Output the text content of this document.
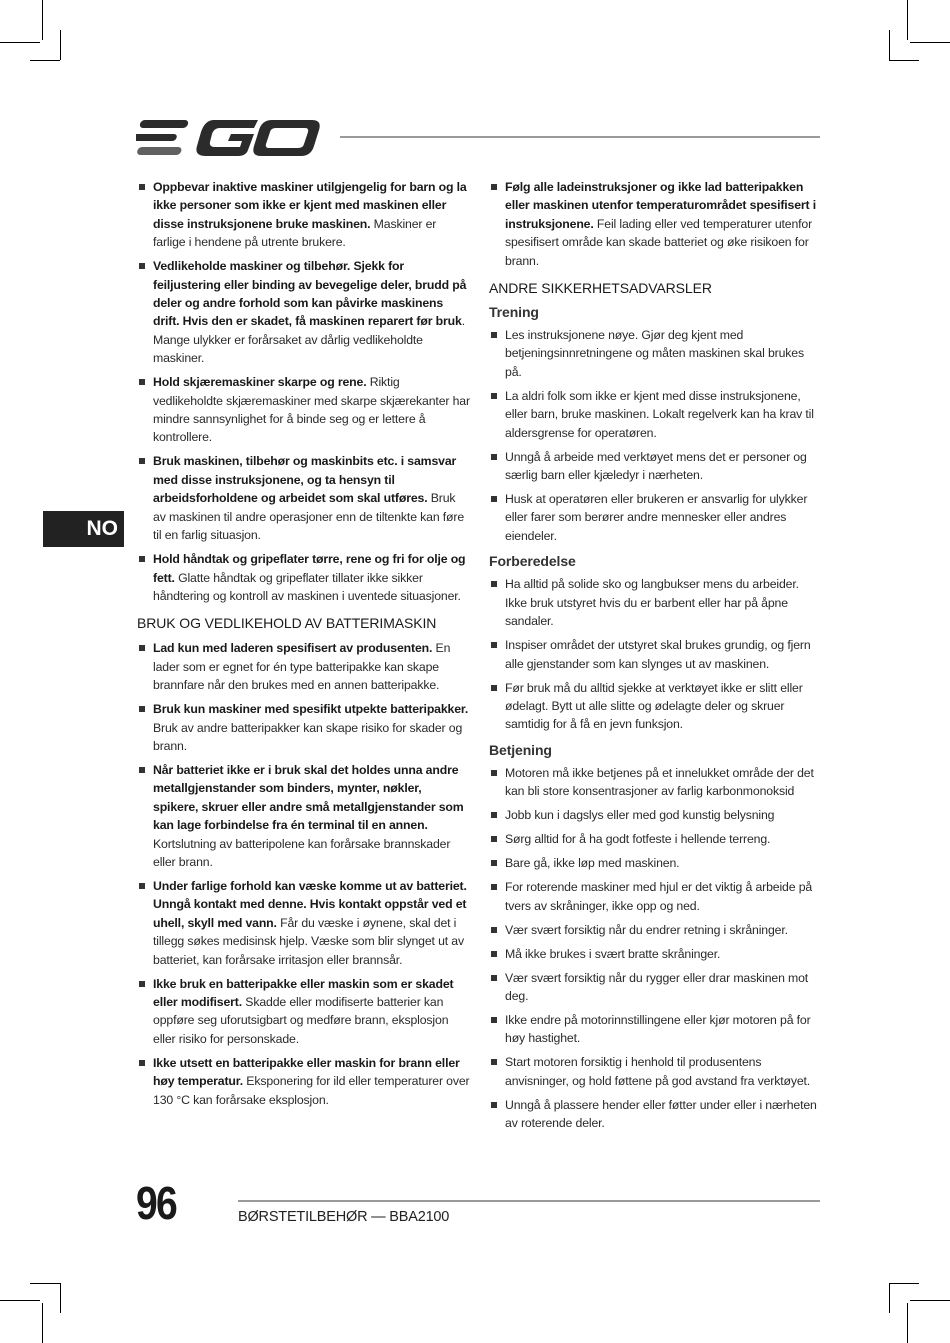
NO
Oppbevar inaktive maskiner utilgjengelig for barn og la ikke personer som ikke er kjent med maskinen eller disse instruksjonene bruke maskinen. Maskiner er farlige i hendene på utrente brukere.
Vedlikeholde maskiner og tilbehør. Sjekk for feiljustering eller binding av bevegelige deler, brudd på deler og andre forhold som kan påvirke maskinens drift. Hvis den er skadet, få maskinen reparert før bruk. Mange ulykker er forårsaket av dårlig vedlikeholdte maskiner.
Hold skjæremaskiner skarpe og rene. Riktig vedlikeholdte skjæremaskiner med skarpe skjærekanter har mindre sannsynlighet for å binde seg og er lettere å kontrollere.
Bruk maskinen, tilbehør og maskinbits etc. i samsvar med disse instruksjonene, og ta hensyn til arbeidsforholdene og arbeidet som skal utføres. Bruk av maskinen til andre operasjoner enn de tiltenkte kan føre til en farlig situasjon.
Hold håndtak og gripeflater tørre, rene og fri for olje og fett. Glatte håndtak og gripeflater tillater ikke sikker håndtering og kontroll av maskinen i uventede situasjoner.
BRUK OG VEDLIKEHOLD AV BATTERIMASKIN
Lad kun med laderen spesifisert av produsenten. En lader som er egnet for én type batteripakke kan skape brannfare når den brukes med en annen batteripakke.
Bruk kun maskiner med spesifikt utpekte batteripakker. Bruk av andre batteripakker kan skape risiko for skader og brann.
Når batteriet ikke er i bruk skal det holdes unna andre metallgjenstander som binders, mynter, nøkler, spikere, skruer eller andre små metallgjenstander som kan lage forbindelse fra én terminal til en annen. Kortslutning av batteripolene kan forårsake brannskader eller brann.
Under farlige forhold kan væske komme ut av batteriet. Unngå kontakt med denne. Hvis kontakt oppstår ved et uhell, skyll med vann. Får du væske i øynene, skal det i tillegg søkes medisinsk hjelp. Væske som blir slynget ut av batteriet, kan forårsake irritasjon eller brannsår.
Ikke bruk en batteripakke eller maskin som er skadet eller modifisert. Skadde eller modifiserte batterier kan oppføre seg uforutsigbart og medføre brann, eksplosjon eller risiko for personskade.
Ikke utsett en batteripakke eller maskin for brann eller høy temperatur. Eksponering for ild eller temperaturer over 130 °C kan forårsake eksplosjon.
Følg alle ladeinstruksjoner og ikke lad batteripakken eller maskinen utenfor temperaturområdet spesifisert i instruksjonene. Feil lading eller ved temperaturer utenfor spesifisert område kan skade batteriet og øke risikoen for brann.
ANDRE SIKKERHETSADVARSLER
Trening
Les instruksjonene nøye. Gjør deg kjent med betjeningsinnretningene og måten maskinen skal brukes på.
La aldri folk som ikke er kjent med disse instruksjonene, eller barn, bruke maskinen. Lokalt regelverk kan ha krav til aldersgrense for operatøren.
Unngå å arbeide med verktøyet mens det er personer og særlig barn eller kjæledyr i nærheten.
Husk at operatøren eller brukeren er ansvarlig for ulykker eller farer som berører andre mennesker eller andres eiendeler.
Forberedelse
Ha alltid på solide sko og langbukser mens du arbeider. Ikke bruk utstyret hvis du er barbent eller har på åpne sandaler.
Inspiser området der utstyret skal brukes grundig, og fjern alle gjenstander som kan slynges ut av maskinen.
Før bruk må du alltid sjekke at verktøyet ikke er slitt eller ødelagt. Bytt ut alle slitte og ødelagte deler og skruer samtidig for å få en jevn funksjon.
Betjening
Motoren må ikke betjenes på et innelukket område der det kan bli store konsentrasjoner av farlig karbonmonoksid
Jobb kun i dagslys eller med god kunstig belysning
Sørg alltid for å ha godt fotfeste i hellende terreng.
Bare gå, ikke løp med maskinen.
For roterende maskiner med hjul er det viktig å arbeide på tvers av skråninger, ikke opp og ned.
Vær svært forsiktig når du endrer retning i skråninger.
Må ikke brukes i svært bratte skråninger.
Vær svært forsiktig når du rygger eller drar maskinen mot deg.
Ikke endre på motorinnstillingene eller kjør motoren på for høy hastighet.
Start motoren forsiktig i henhold til produsentens anvisninger, og hold føttene på god avstand fra verktøyet.
Unngå å plassere hender eller føtter under eller i nærheten av roterende deler.
96	BØRSTETILBEHØR — BBA2100
